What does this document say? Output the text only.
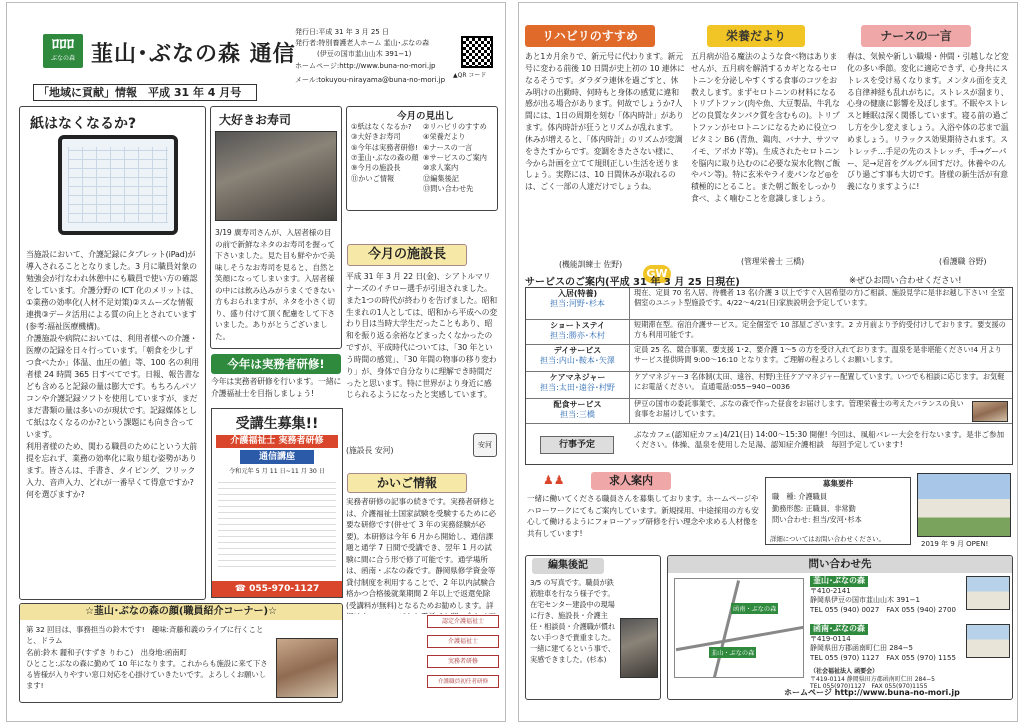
ﾛﾛﾛ
ぶなの森 韮山･ぶなの森 通信
発行日:平成 31 年 3 月 25 日
発行者:特別養護老人ホーム 韮山･ぶなの森
(伊豆の国市韮山山木 391−1)
ホームページ:http://www.buna-no-mori.jp
メール:tokuyou-nirayama@buna-no-mori.jp
▲QR コード
「地域に貢献」情報　平成 31 年 4 月号
紙はなくなるか?
当施設において、介護記録にタブレット(iPad)が導入されることとなりました。3 月に職員対象の勉強会が行なわれ休憩中にも職員で使い方の確認をしています。介護分野の ICT 化のメリットは、①業務の効率化(人材不足対策)②スムーズな情報連携③データ活用による質の向上とされています(参考:福祉医療機構)。
介護施設や病院においては、利用者様への介護・医療の記録を日々行っています。「朝食を少しずつ食べたか」体温、血圧の値」等、100 名の利用者様 24 時間 365 日すべてです。日報、報告書なども含めると記録の量は膨大です。もちろんパソコンや介護記録ソフトを使用していますが、まだまだ書類の量は多いのが現状です。記録媒体として紙はなくなるのか?という課題にも向き合っています。
利用者様のため、関わる職員のためにという大前提を忘れず、業務の効率化に取り組む姿勢があります。皆さんは、手書き、タイピング、フリック入力、音声入力、どれが一番早くて得意ですか?何を選びますか?
大好きお寿司
3/19 廣寿司さんが、入居者様の目の前で新鮮なネタのお寿司を握って下さいました。見た目も鮮やかで美味しそうなお寿司を見ると、自然と笑顔になってしまいます。入居者様の中には飲み込みがうまくできない方もおられますが、ネタを小さく切り、盛り付けて頂く配慮をして下さいました。ありがとうございました。
今月の見出し
①紙はなくなるか?	②リハビリのすすめ
③大好きお寿司	④栄養だより
⑤今年は実務者研修! ⑥ナースの一言
⑦韮山･ぶなの森の顔 ⑧サービスのご案内
⑨今月の施設長	⑩求人案内
⑪かいご情報	⑫編集後記
⑬問い合わせ先
今月の施設長
平成 31 年 3 月 22 日(金)、シアトルマリナーズのイチロー選手が引退されました。また1つの時代が終わりを告げました。昭和生まれの1人としては、昭和から平成への変わり目は当時大学生だったこともあり、昭和を振り返る余裕などまったくなかったのですが、平成時代については、「30 年という時間の感覚」、「30 年間の物事の移り変わり」が、身体で自分なりに理解でき時間だったと思います。特に世界がより身近に感じられるようになったと実感しています。
(施設長 安河)
安河
今年は実務者研修!
今年は実務者研修を行います。一緒に介護福祉士を目指しましょう!
受講生募集!!
介護福祉士 実務者研修
通信講座
令和元年 5 月 11 日~11 月 30 日
☎ 055-970-1127
かいご情報
実務者研修の記事の続きです。実務者研修とは、介護福祉士国家試験を受験するために必要な研修です(併せて 3 年の実務経験が必要)。本研修は今年 6 月から開始し、通信課題と通学 7 日間で受講でき、翌年 1 月の試験に間に合う形で修了可能です。通学場所は、函南・ぶなの森です。静岡県修学資金等貸付制度を利用することで、2 年以内試験合格かつ合格後就業期間 2 年以上で返還免除(受講料が無料)となるためお勧めします。詳
認定介護福祉士
介護福祉士
実務者研修
介護職員初任者研修
☆韮山･ぶなの森の顔(職員紹介コーナー)☆
第 32 回目は、事務担当の鈴木です!　趣味:斉藤和義のライブに行くことと、ドラム
名前:鈴木 麗和子(すずき りわこ)　出身地:函南町
ひとこと:ぶなの森に勤めて 10 年になります。これからも施設に来て下さる皆様が入りやすい窓口対応を心掛けていきたいです。よろしくお願いします!
リハビリのすすめ
あと1カ月余りで、新元号に代わります。新元号に変わる前後 10 日間が史上初の 10 連休になるそうです。ダラダラ連休を過ごすと、休み明けの出勤時、何時もと身体の感覚に違和感が出る場合があります。何故でしょうか?人間には、1日の周期を刻む「体内時計」があります。体内時計が狂うとリズムが乱れます。休みが増えると、「体内時計」のリズムが変調をきたすからです。変調をきたさない様に、今から計画を立てて規則正しい生活を送りましょう。実際には、10 日間休みが取れるのは、ごく一部の人達だけでしょうね。
(機能訓練士 佐野)
GW
栄養だより
五月病が沿る魔法のような食べ物はありませんが、五月病を解消するカギとなるセロトニンを分泌しやすくする食事のコツをお教えします。まずセロトニンの材料になるトリプトファン(肉や魚、大豆製品、牛乳などの良質なタンパク質を含むもの)。トリプトファンがセロトニンになるために役立つビタミン B6 (青魚、鶏肉、バナナ、サツマイモ、アボカド等)。生成されたセロトニンを脳内に取り込むのに必要な炭水化物(ご飯やパン等)。特に玄米やライ麦パンなど◎を積極的にとること。また朝ご飯をしっかり食べ、よく噛むことを意識しましょう。
(管理栄養士 三橋)
ナースの一言
春は、気候や新しい職場・仲間・引越しなど変化の多い季節。変化に適応できず、心身共にストレスを受け易くなります。メンタル面を支える自律神経も乱れがちに。ストレスが溜まり、心身の健康に影響を及ぼします。不眠やストレスと睡眠は深く関係しています。寝る前の過ごし方を少し変えましょう。入浴や体の芯まで温めましょう。リラックス効果期待されます。ストレッチ…手足の先のストレッチ、手→グーパー、足→足首をグルグル回すだけ。休養やのんびり過ごす事も大切です。皆様の新生活が有意義になりますように!
(看護職 谷野)
サービスのご案内(平成 31 年 3 月 25 日現在)	※ぜひお問い合わせください!
入居(特養)
担当:河野･杉本
現在、定員 70 名入居、待機者 13 名(介護 3 以上ですぐ入居希望の方)ご相談、施設見学に是非お越し下さい! 全室個室のユニット型施設です。4/22〜4/21(日)家族説明会予定しています。
ショートステイ
担当:勝亦･木村
短期滞在型。宿泊介護サービス。定全個室で 10 部屋ございます。2 カ月前より予約受付けしております。要支援の方も利用可能です。
デイサービス
担当:内山･鞍本･矢澤
定員 25 名、競合事業、要支援 1･2、要介護 1〜5 の方を受け入れております。温泉を是非堪能ください!4 月よりサービス提供時間 9:00〜16:10 となります。ご理解の程よろしくお願いします。
ケアマネジャー
担当:太田･遠谷･村野
ケアマネジャー3 名体制(太田、遠谷、村野)主任ケアマネジャー配置しています。いつでも相談に応じます。お気軽にお電話ください。 直通電話:055−940−0036
配食サービス
担当:三橋
伊豆の国市の委託事業で、ぶなの森で作った昼食をお届けします。管理栄養士の考えたバランスの良い食事をお届けしています。
行事予定
ぶなカフェ(認知症カフェ)4/21(日) 14:00〜15:30 開催! 今回は、風船バレー大会を行ないます。是非ご参加ください。体操、温泉を使用した足湯、認知症介護相談　毎回予定しています!
♟♟	求人案内
一緒に働いてくださる職員さんを募集しております。ホームページやハローワークにてもご案内しています。新規採用、中途採用の方も安心して働けるようにフォローアップ研修を行い理念や求める人材像を共有しています!
募集要件
職　種: 介護職員
勤務形態: 正職員、非常勤
問い合わせ: 担当/安河･杉本
詳細についてはお問い合わせください。
2019 年 9 月 OPEN!
編集後記
3/5 の写真です。職員が鉄筋駐車を行なう様子です。在宅センター建設中の現場に行き、施設長・介護主任・相談員・介護職が慣れない手つきで貴重ました。一緒に建てるという事で、実感できました。(杉本)
問い合わせ先
函南・ぶなの森
韮山・ぶなの森
韮山･ぶなの森
〒410-2141
静岡県伊豆の国市韮山山木 391−1
TEL 055 (940) 0027　FAX 055 (940) 2700
函南･ぶなの森
〒419-0114
静岡県田方郡函南町仁田 284−5
TEL 055 (970) 1127　FAX 055 (970) 1155
（社会福祉法人 函要会）
〒419-0114 静岡県田方郡函南町仁田 284−5
TEL 055(970)1127　FAX 055(970)1155
ホームページ http://www.buna-no-mori.jp
